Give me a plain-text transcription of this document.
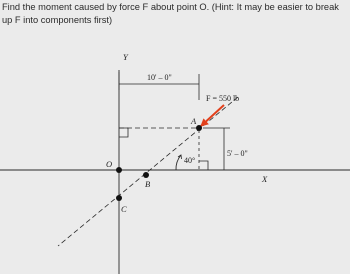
Find the moment caused by force F about point O. (Hint: It may be easier to break up F into components first)

10' – 0"
5' – 0"
40°
F = 550 lb
A
O
B
C
Y
X
